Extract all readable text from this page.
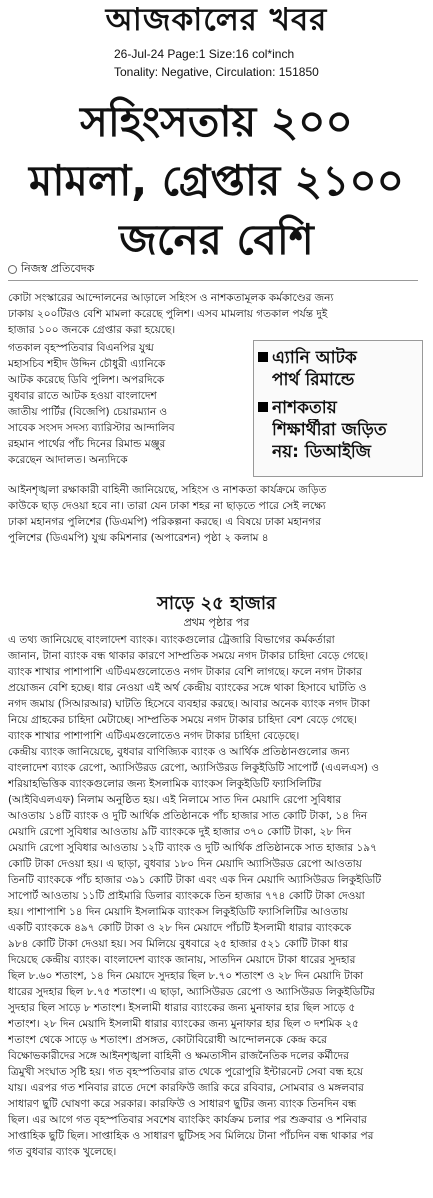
আজকালের খবর
26-Jul-24 Page:1 Size:16 col*inch
Tonality: Negative, Circulation: 151850
সহিংসতায় ২০০
মামলা, গ্রেপ্তার ২১০০
জনের বেশি
নিজস্ব প্রতিবেদক

কোটা সংস্কারের আন্দোলনের আড়ালে সহিংস ও নাশকতামূলক কর্মকাণ্ডের জন্য

ঢাকায় ২০০টিরও বেশি মামলা করেছে পুলিশ। এসব মামলায় গতকাল পর্যন্ত দুই

হাজার ১০০ জনকে গ্রেপ্তার করা হয়েছে।

গতকাল বৃহস্পতিবার বিএনপির যুগ্ম

মহাসচিব শহীদ উদ্দিন চৌধুরী এ্যানিকে

আটক করেছে ডিবি পুলিশ। অপরদিকে

বুধবার রাতে আটক হওয়া বাংলাদেশ

জাতীয় পার্টির (বিজেপি) চেয়ারম্যান ও

সাবেক সংসদ সদস্য ব্যারিস্টার আন্দালিব

রহমান পার্থের পাঁচ দিনের রিমান্ড মঞ্জুর

করেছেন আদালত। অন্যদিকে

এ্যানি আটক
পার্থ রিমান্ডে
নাশকতায়
শিক্ষার্থীরা জড়িত
নয়: ডিআইজি

আইনশৃঙ্খলা রক্ষাকারী বাহিনী জানিয়েছে, সহিংস ও নাশকতা কার্যক্রমে জড়িত

কাউকে ছাড় দেওয়া হবে না। তারা যেন ঢাকা শহর না ছাড়তে পারে সেই লক্ষ্যে

ঢাকা মহানগর পুলিশের (ডিএমপি) পরিকল্পনা করছে। এ বিষয়ে ঢাকা মহানগর

পুলিশের (ডিএমপি) যুগ্ম কমিশনার (অপারেশন) পৃষ্ঠা ২ কলাম ৪

সাড়ে ২৫ হাজার
প্রথম পৃষ্ঠার পর

এ তথ্য জানিয়েছে বাংলাদেশ ব্যাংক। ব্যাংকগুলোর ট্রেজারি বিভাগের কর্মকর্তারা

জানান, টানা ব্যাংক বন্ধ থাকার কারণে সাম্প্রতিক সময়ে নগদ টাকার চাহিদা বেড়ে গেছে।

ব্যাংক শাখার পাশাপাশি এটিএমগুলোতেও নগদ টাকার বেশি লাগছে। ফলে নগদ টাকার

প্রয়োজন বেশি হচ্ছে। ধার নেওয়া এই অর্থ কেন্দ্রীয় ব্যাংকের সঙ্গে থাকা হিসাবে ঘাটতি ও

নগদ জমায় (সিআরআর) ঘাটতি হিসেবে ব্যবহার করছে। আবার অনেক ব্যাংক নগদ টাকা

নিয়ে গ্রাহকের চাহিদা মেটাচ্ছে। সাম্প্রতিক সময়ে নগদ টাকার চাহিদা বেশ বেড়ে গেছে।

ব্যাংক শাখার পাশাপাশি এটিএমগুলোতেও নগদ টাকার চাহিদা বেড়েছে।

কেন্দ্রীয় ব্যাংক জানিয়েছে, বুধবার বাণিজ্যিক ব্যাংক ও আর্থিক প্রতিষ্ঠানগুলোর জন্য

বাংলাদেশ ব্যাংক রেপো, অ্যাসিউরড রেপো, অ্যাসিউরড লিকুইডিটি সাপোর্ট (এএলএস) ও

শরিয়াহভিত্তিক ব্যাংকগুলোর জন্য ইসলামিক ব্যাংকস লিকুইডিটি ফ্যাসিলিটির

(আইবিএলএফ) নিলাম অনুষ্ঠিত হয়। এই নিলামে সাত দিন মেয়াদি রেপো সুবিধার

আওতায় ১৪টি ব্যাংক ও দুটি আর্থিক প্রতিষ্ঠানকে পাঁচ হাজার সাত কোটি টাকা, ১৪ দিন

মেয়াদি রেপো সুবিধার আওতায় ৯টি ব্যাংককে দুই হাজার ৩৭০ কোটি টাকা, ২৮ দিন

মেয়াদি রেপো সুবিধার আওতায় ১২টি ব্যাংক ও দুটি আর্থিক প্রতিষ্ঠানকে সাত হাজার ১৯৭

কোটি টাকা দেওয়া হয়। এ ছাড়া, বুধবার ১৮০ দিন মেয়াদি অ্যাসিউরড রেপো আওতায়

তিনটি ব্যাংককে পাঁচ হাজার ৩৯১ কোটি টাকা এবং এক দিন মেয়াদি অ্যাসিউরড লিকুইডিটি

সাপোর্ট আওতায় ১১টি প্রাইমারি ডিলার ব্যাংককে তিন হাজার ৭৭৪ কোটি টাকা দেওয়া

হয়। পাশাপাশি ১৪ দিন মেয়াদি ইসলামিক ব্যাংকস লিকুইডিটি ফ্যাসিলিটির আওতায়

একটি ব্যাংককে ৪৯৭ কোটি টাকা ও ২৮ দিন মেয়াদে পাঁচটি ইসলামী ধারার ব্যাংককে

৯৮৪ কোটি টাকা দেওয়া হয়। সব মিলিয়ে বুধবারে ২৫ হাজার ৫২১ কোটি টাকা ধার

দিয়েছে কেন্দ্রীয় ব্যাংক। বাংলাদেশ ব্যাংক জানায়, সাতদিন মেয়াদে টাকা ধারের সুদহার

ছিল ৮.৬০ শতাংশ, ১৪ দিন মেয়াদে সুদহার ছিল ৮.৭০ শতাংশ ও ২৮ দিন মেয়াদি টাকা

ধারের সুদহার ছিল ৮.৭৫ শতাংশ। এ ছাড়া, অ্যাসিউরড রেপো ও অ্যাসিউরড লিকুইডিটির

সুদহার ছিল সাড়ে ৮ শতাংশ। ইসলামী ধারার ব্যাংকের জন্য মুনাফার হার ছিল সাড়ে ৫

শতাংশ। ২৮ দিন মেয়াদি ইসলামী ধারার ব্যাংকের জন্য মুনাফার হার ছিল ৩ দশমিক ২৫

শতাংশ থেকে সাড়ে ৬ শতাংশ। প্রসঙ্গত, কোটাবিরোধী আন্দোলনকে কেন্দ্র করে

বিক্ষোভকারীদের সঙ্গে আইনশৃঙ্খলা বাহিনী ও ক্ষমতাসীন রাজনৈতিক দলের কর্মীদের

ত্রিমুখী সংঘাত সৃষ্টি হয়। গত বৃহস্পতিবার রাত থেকে পুরোপুরি ইন্টারনেট সেবা বন্ধ হয়ে

যায়। এরপর গত শনিবার রাতে দেশে কারফিউ জারি করে রবিবার, সোমবার ও মঙ্গলবার

সাধারণ ছুটি ঘোষণা করে সরকার। কারফিউ ও সাধারণ ছুটির জন্য ব্যাংক তিনদিন বন্ধ

ছিল। এর আগে গত বৃহস্পতিবার সবশেষ ব্যাংকিং কার্যক্রম চলার পর শুক্রবার ও শনিবার

সাপ্তাহিক ছুটি ছিল। সাপ্তাহিক ও সাধারণ ছুটিসহ সব মিলিয়ে টানা পাঁচদিন বন্ধ থাকার পর

গত বুধবার ব্যাংক খুলেছে।
